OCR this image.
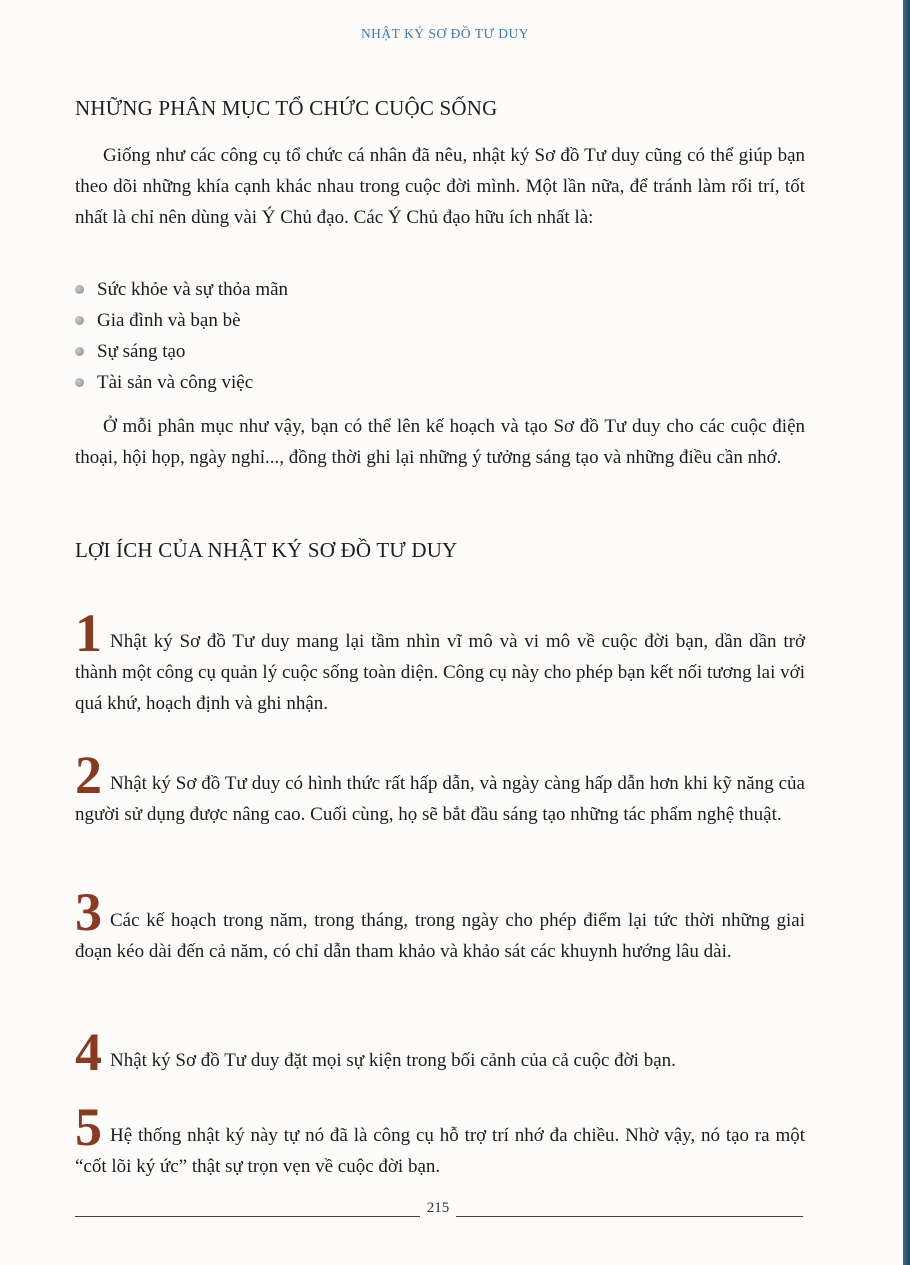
NHẬT KÝ SƠ ĐỒ TƯ DUY
NHỮNG PHÂN MỤC TỔ CHỨC CUỘC SỐNG
Giống như các công cụ tổ chức cá nhân đã nêu, nhật ký Sơ đồ Tư duy cũng có thể giúp bạn theo dõi những khía cạnh khác nhau trong cuộc đời mình. Một lần nữa, để tránh làm rối trí, tốt nhất là chỉ nên dùng vài Ý Chủ đạo. Các Ý Chủ đạo hữu ích nhất là:
Sức khỏe và sự thỏa mãn
Gia đình và bạn bè
Sự sáng tạo
Tài sản và công việc
Ở mỗi phân mục như vậy, bạn có thể lên kế hoạch và tạo Sơ đồ Tư duy cho các cuộc điện thoại, hội họp, ngày nghỉ..., đồng thời ghi lại những ý tưởng sáng tạo và những điều cần nhớ.
LỢI ÍCH CỦA NHẬT KÝ SƠ ĐỒ TƯ DUY
1 Nhật ký Sơ đồ Tư duy mang lại tầm nhìn vĩ mô và vi mô về cuộc đời bạn, dần dần trở thành một công cụ quản lý cuộc sống toàn diện. Công cụ này cho phép bạn kết nối tương lai với quá khứ, hoạch định và ghi nhận.
2 Nhật ký Sơ đồ Tư duy có hình thức rất hấp dẫn, và ngày càng hấp dẫn hơn khi kỹ năng của người sử dụng được nâng cao. Cuối cùng, họ sẽ bắt đầu sáng tạo những tác phẩm nghệ thuật.
3 Các kế hoạch trong năm, trong tháng, trong ngày cho phép điểm lại tức thời những giai đoạn kéo dài đến cả năm, có chỉ dẫn tham khảo và khảo sát các khuynh hướng lâu dài.
4 Nhật ký Sơ đồ Tư duy đặt mọi sự kiện trong bối cảnh của cả cuộc đời bạn.
5 Hệ thống nhật ký này tự nó đã là công cụ hỗ trợ trí nhớ đa chiều. Nhờ vậy, nó tạo ra một “cốt lõi ký ức” thật sự trọn vẹn về cuộc đời bạn.
215
